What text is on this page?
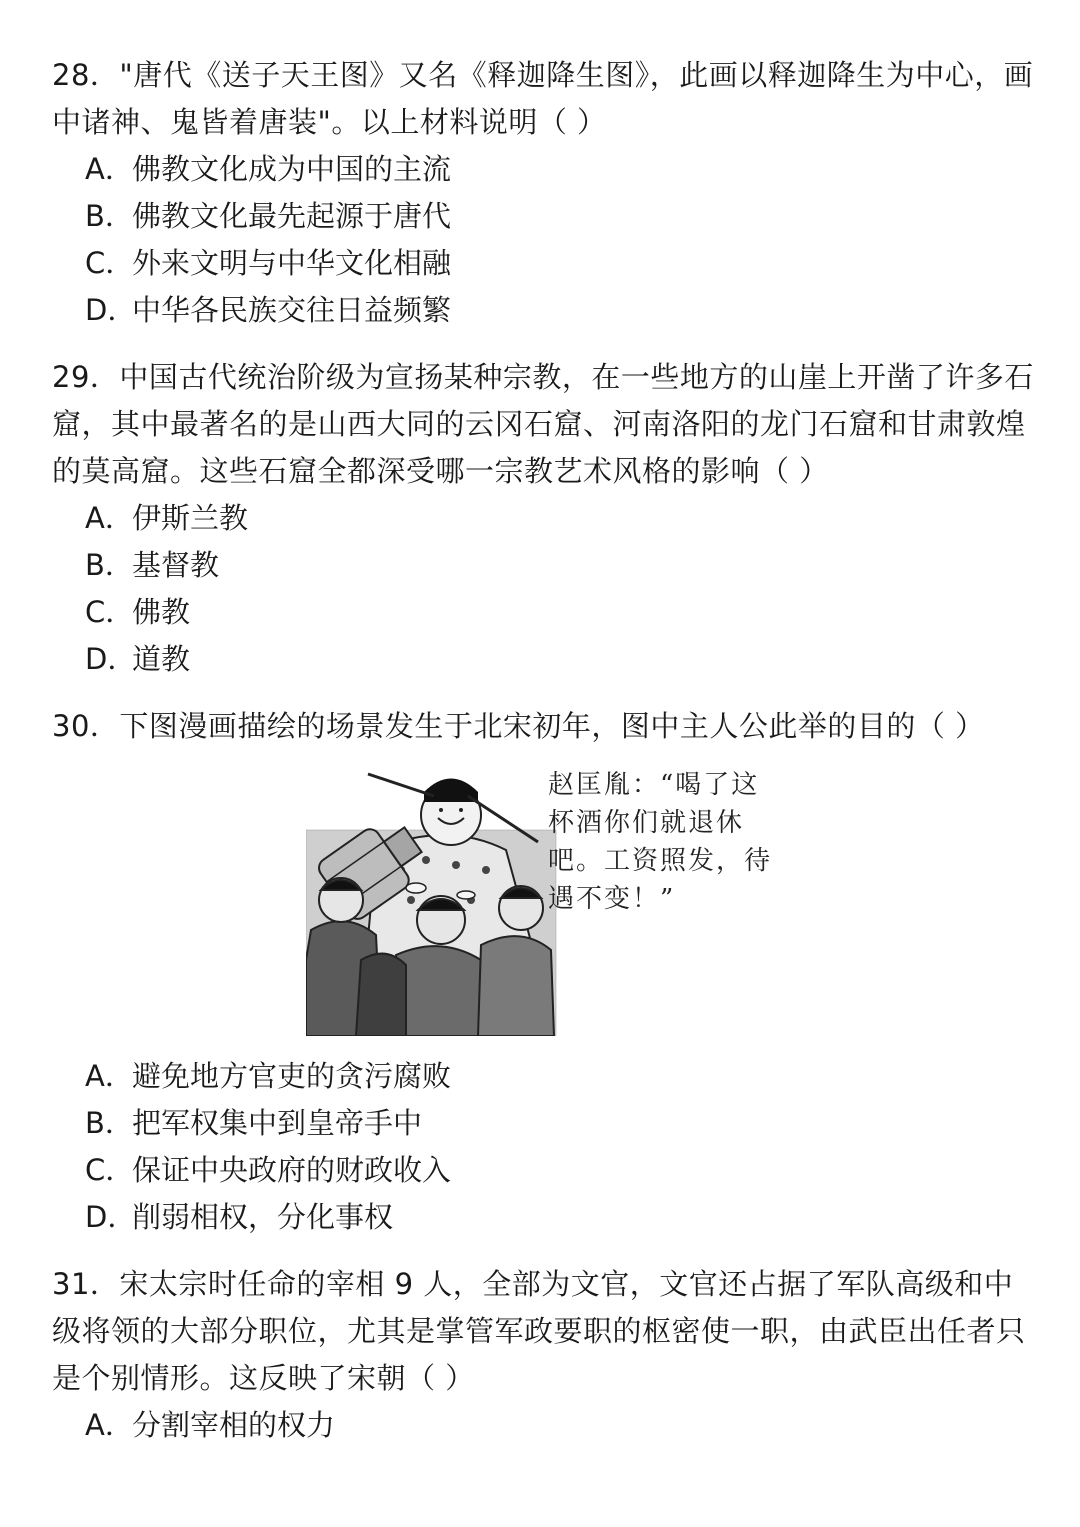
28．"唐代《送子天王图》又名《释迦降生图》，此画以释迦降生为中心，画中诸神、鬼皆着唐装"。以上材料说明（ ）
A．佛教文化成为中国的主流
B．佛教文化最先起源于唐代
C．外来文明与中华文化相融
D．中华各民族交往日益频繁
29．中国古代统治阶级为宣扬某种宗教，在一些地方的山崖上开凿了许多石窟，其中最著名的是山西大同的云冈石窟、河南洛阳的龙门石窟和甘肃敦煌的莫高窟。这些石窟全都深受哪一宗教艺术风格的影响（ ）
A．伊斯兰教
B．基督教
C．佛教
D．道教
30．下图漫画描绘的场景发生于北宋初年，图中主人公此举的目的（ ）
赵匡胤：“喝了这杯酒你们就退休吧。工资照发，待遇不变！”
A．避免地方官吏的贪污腐败
B．把军权集中到皇帝手中
C．保证中央政府的财政收入
D．削弱相权，分化事权
31．宋太宗时任命的宰相 9 人，全部为文官，文官还占据了军队高级和中级将领的大部分职位，尤其是掌管军政要职的枢密使一职，由武臣出任者只是个别情形。这反映了宋朝（ ）
A．分割宰相的权力
